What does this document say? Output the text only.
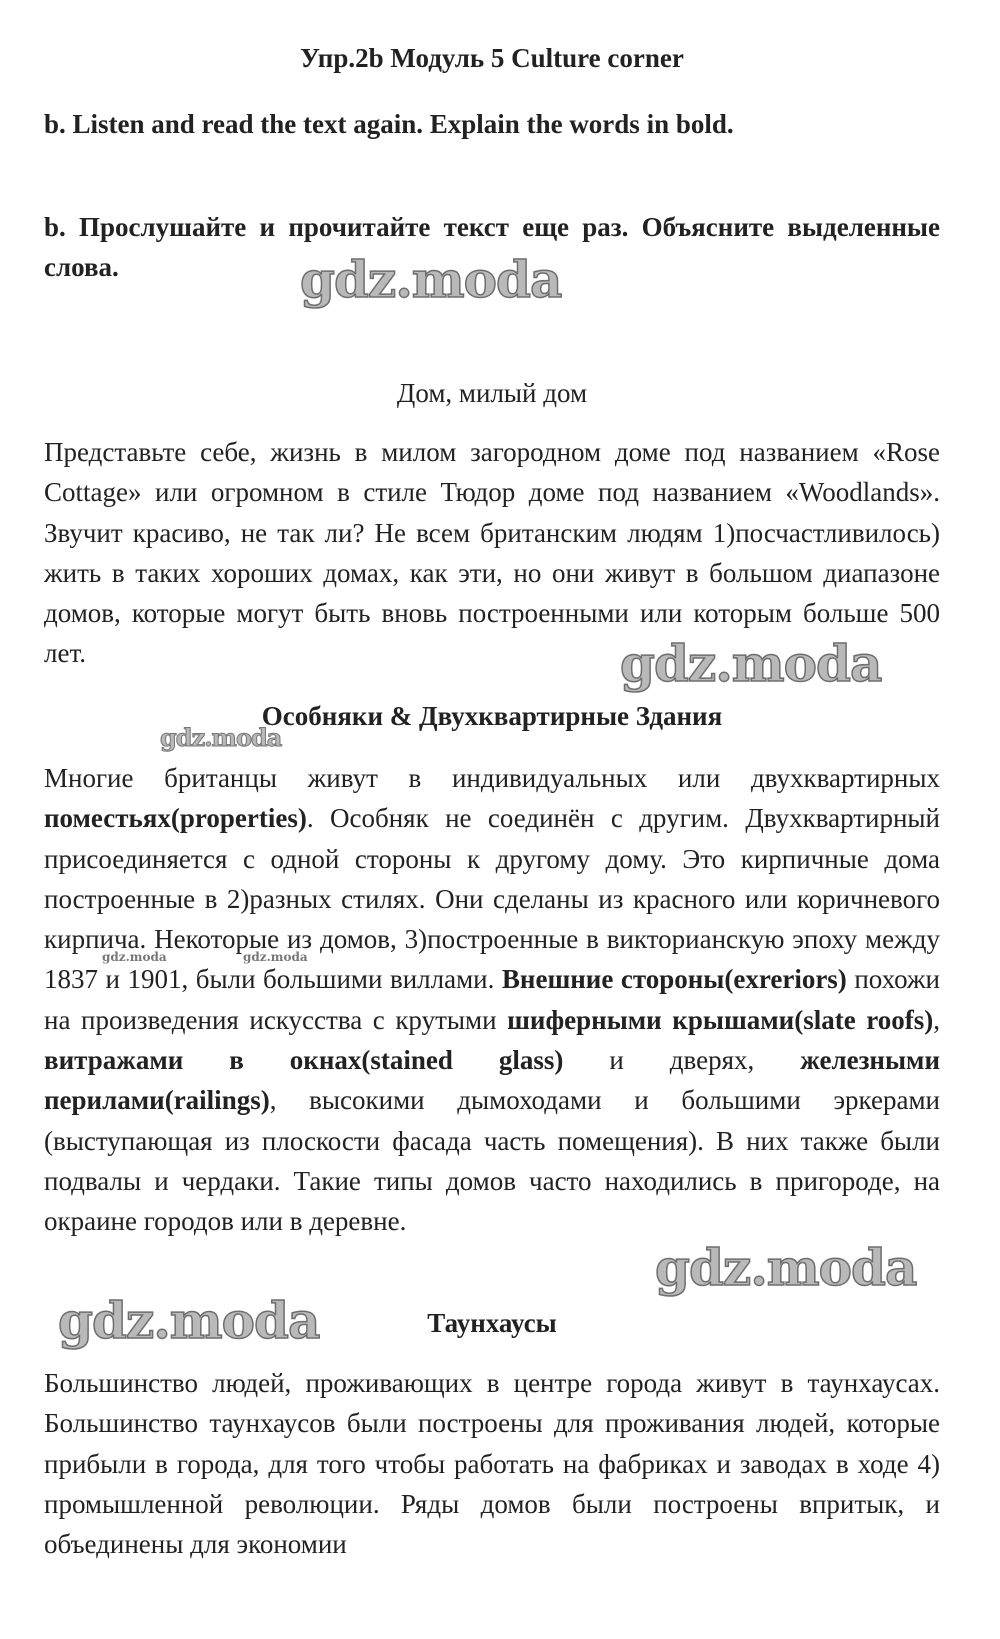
Упр.2b Модуль 5 Culture corner
b. Listen and read the text again. Explain the words in bold.
b. Прослушайте и прочитайте текст еще раз. Объясните выделенные слова.
Дом, милый дом
Представьте себе, жизнь в милом загородном доме под названием «Rose Cottage» или огромном в стиле Тюдор доме под названием «Woodlands». Звучит красиво, не так ли? Не всем британским людям 1)посчастливилось) жить в таких хороших домах, как эти, но они живут в большом диапазоне домов, которые могут быть вновь построенными или которым больше 500 лет.
Особняки & Двухквартирные Здания
Многие британцы живут в индивидуальных или двухквартирных поместьях(properties). Особняк не соединён с другим. Двухквартирный присоединяется с одной стороны к другому дому. Это кирпичные дома построенные в 2)разных стилях. Они сделаны из красного или коричневого кирпича. Некоторые из домов, 3)построенные в викторианскую эпоху между 1837 и 1901, были большими виллами. Внешние стороны(exreriors) похожи на произведения искусства с крутыми шиферными крышами(slate roofs), витражами в окнах(stained glass) и дверях, железными перилами(railings), высокими дымоходами и большими эркерами (выступающая из плоскости фасада часть помещения). В них также были подвалы и чердаки. Такие типы домов часто находились в пригороде, на окраине городов или в деревне.
Таунхаусы
Большинство людей, проживающих в центре города живут в таунхаусах. Большинство таунхаусов были построены для проживания людей, которые прибыли в города, для того чтобы работать на фабриках и заводах в ходе 4) промышленной революции. Ряды домов были построены впритык, и объединены для экономии
gdz.moda
gdz.moda
gdz.moda
gdz.moda	gdz.moda
gdz.moda
gdz.moda
